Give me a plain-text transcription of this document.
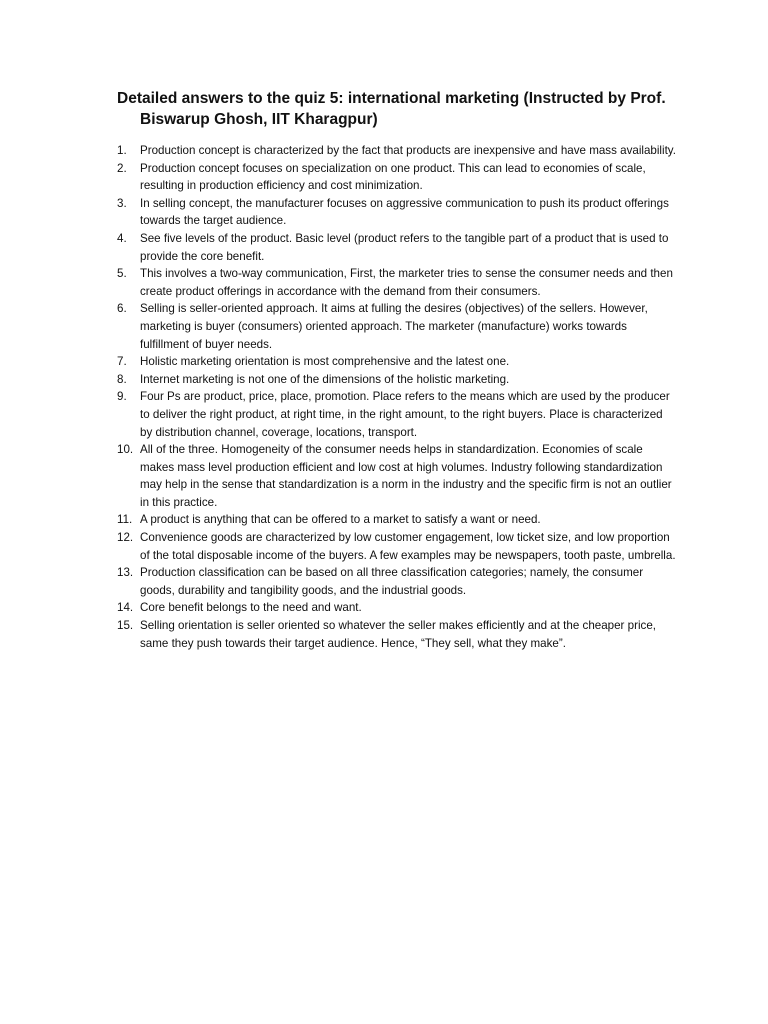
Detailed answers to the quiz 5: international marketing (Instructed by Prof. Biswarup Ghosh, IIT Kharagpur)
1. Production concept is characterized by the fact that products are inexpensive and have mass availability.
2. Production concept focuses on specialization on one product. This can lead to economies of scale, resulting in production efficiency and cost minimization.
3. In selling concept, the manufacturer focuses on aggressive communication to push its product offerings towards the target audience.
4. See five levels of the product. Basic level (product refers to the tangible part of a product that is used to provide the core benefit.
5. This involves a two-way communication, First, the marketer tries to sense the consumer needs and then create product offerings in accordance with the demand from their consumers.
6. Selling is seller-oriented approach. It aims at fulling the desires (objectives) of the sellers. However, marketing is buyer (consumers) oriented approach. The marketer (manufacture) works towards fulfillment of buyer needs.
7. Holistic marketing orientation is most comprehensive and the latest one.
8. Internet marketing is not one of the dimensions of the holistic marketing.
9. Four Ps are product, price, place, promotion. Place refers to the means which are used by the producer to deliver the right product, at right time, in the right amount, to the right buyers. Place is characterized by distribution channel, coverage, locations, transport.
10. All of the three. Homogeneity of the consumer needs helps in standardization. Economies of scale makes mass level production efficient and low cost at high volumes. Industry following standardization may help in the sense that standardization is a norm in the industry and the specific firm is not an outlier in this practice.
11. A product is anything that can be offered to a market to satisfy a want or need.
12. Convenience goods are characterized by low customer engagement, low ticket size, and low proportion of the total disposable income of the buyers. A few examples may be newspapers, tooth paste, umbrella.
13. Production classification can be based on all three classification categories; namely, the consumer goods, durability and tangibility goods, and the industrial goods.
14. Core benefit belongs to the need and want.
15. Selling orientation is seller oriented so whatever the seller makes efficiently and at the cheaper price, same they push towards their target audience. Hence, “They sell, what they make”.
